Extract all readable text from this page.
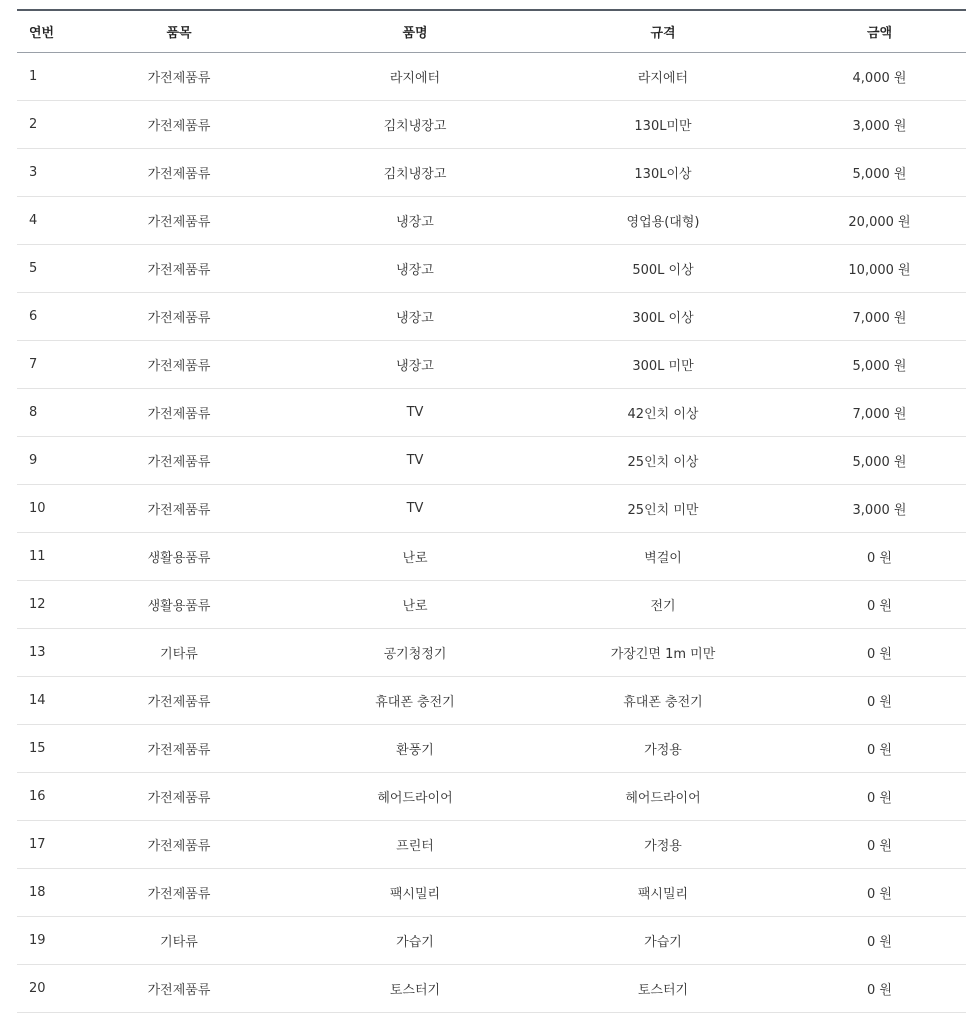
연번	품목	품명	규격	금액
1	가전제품류	라지에터	라지에터	4,000 원
2	가전제품류	김치냉장고	130L미만	3,000 원
3	가전제품류	김치냉장고	130L이상	5,000 원
4	가전제품류	냉장고	영업용(대형)	20,000 원
5	가전제품류	냉장고	500L 이상	10,000 원
6	가전제품류	냉장고	300L 이상	7,000 원
7	가전제품류	냉장고	300L 미만	5,000 원
8	가전제품류	TV	42인치 이상	7,000 원
9	가전제품류	TV	25인치 이상	5,000 원
10	가전제품류	TV	25인치 미만	3,000 원
11	생활용품류	난로	벽걸이	0 원
12	생활용품류	난로	전기	0 원
13	기타류	공기청정기	가장긴면 1m 미만	0 원
14	가전제품류	휴대폰 충전기	휴대폰 충전기	0 원
15	가전제품류	환풍기	가정용	0 원
16	가전제품류	헤어드라이어	헤어드라이어	0 원
17	가전제품류	프린터	가정용	0 원
18	가전제품류	팩시밀리	팩시밀리	0 원
19	기타류	가습기	가습기	0 원
20	가전제품류	토스터기	토스터기	0 원
